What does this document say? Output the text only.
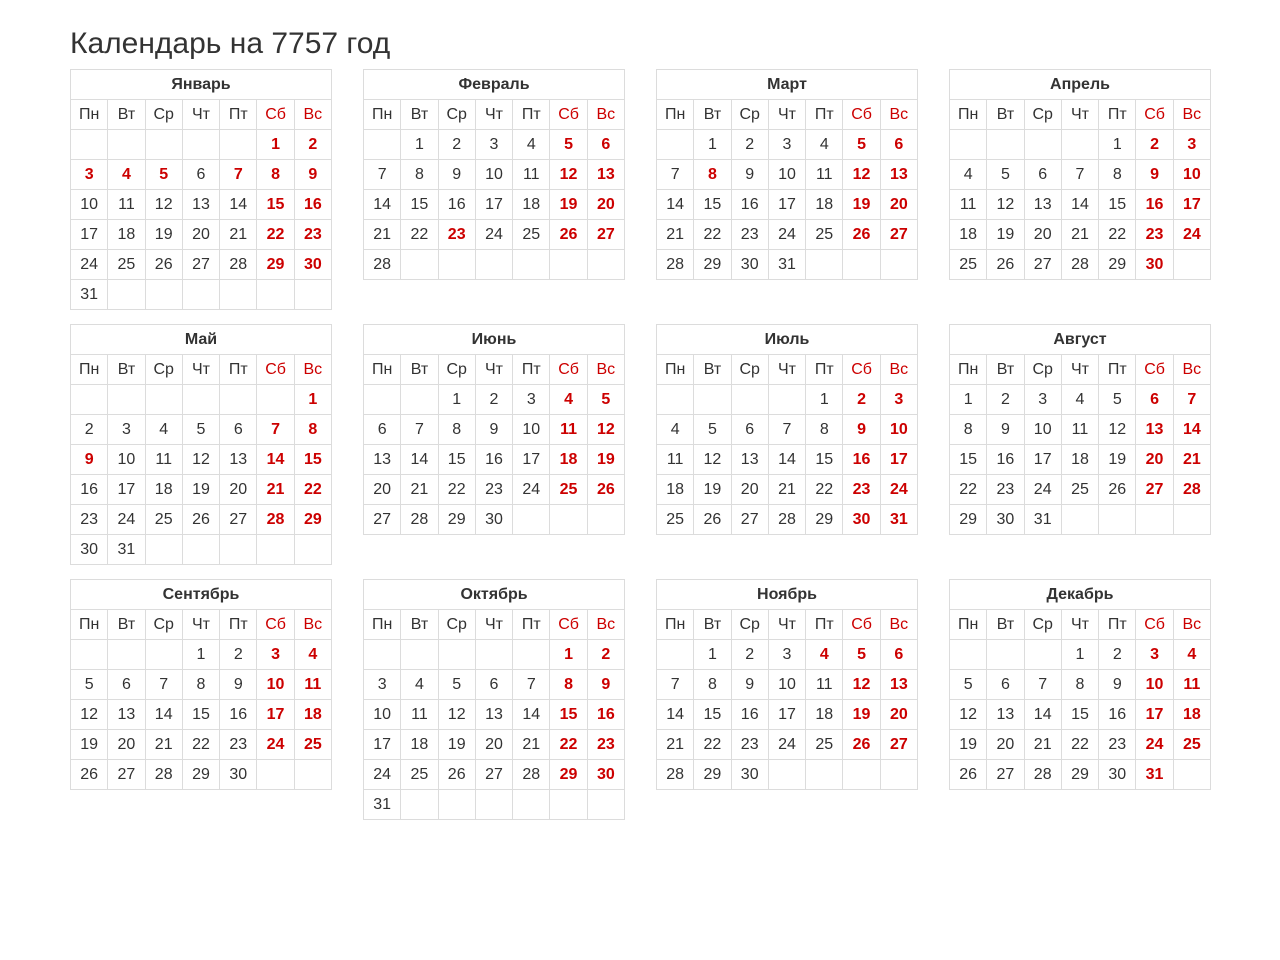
Календарь на 7757 год
Январь						
Пн	Вт	Ср	Чт	Пт	Сб	Вс
					1	2
3	4	5	6	7	8	9
10	11	12	13	14	15	16
17	18	19	20	21	22	23
24	25	26	27	28	29	30
31						
Февраль						
Пн	Вт	Ср	Чт	Пт	Сб	Вс
	1	2	3	4	5	6
7	8	9	10	11	12	13
14	15	16	17	18	19	20
21	22	23	24	25	26	27
28						
Март						
Пн	Вт	Ср	Чт	Пт	Сб	Вс
	1	2	3	4	5	6
7	8	9	10	11	12	13
14	15	16	17	18	19	20
21	22	23	24	25	26	27
28	29	30	31			
Апрель						
Пн	Вт	Ср	Чт	Пт	Сб	Вс
				1	2	3
4	5	6	7	8	9	10
11	12	13	14	15	16	17
18	19	20	21	22	23	24
25	26	27	28	29	30	
Май						
Пн	Вт	Ср	Чт	Пт	Сб	Вс
						1
2	3	4	5	6	7	8
9	10	11	12	13	14	15
16	17	18	19	20	21	22
23	24	25	26	27	28	29
30	31					
Июнь						
Пн	Вт	Ср	Чт	Пт	Сб	Вс
		1	2	3	4	5
6	7	8	9	10	11	12
13	14	15	16	17	18	19
20	21	22	23	24	25	26
27	28	29	30			
Июль						
Пн	Вт	Ср	Чт	Пт	Сб	Вс
				1	2	3
4	5	6	7	8	9	10
11	12	13	14	15	16	17
18	19	20	21	22	23	24
25	26	27	28	29	30	31
Август						
Пн	Вт	Ср	Чт	Пт	Сб	Вс
1	2	3	4	5	6	7
8	9	10	11	12	13	14
15	16	17	18	19	20	21
22	23	24	25	26	27	28
29	30	31				
Сентябрь						
Пн	Вт	Ср	Чт	Пт	Сб	Вс
			1	2	3	4
5	6	7	8	9	10	11
12	13	14	15	16	17	18
19	20	21	22	23	24	25
26	27	28	29	30		
Октябрь						
Пн	Вт	Ср	Чт	Пт	Сб	Вс
					1	2
3	4	5	6	7	8	9
10	11	12	13	14	15	16
17	18	19	20	21	22	23
24	25	26	27	28	29	30
31						
Ноябрь						
Пн	Вт	Ср	Чт	Пт	Сб	Вс
	1	2	3	4	5	6
7	8	9	10	11	12	13
14	15	16	17	18	19	20
21	22	23	24	25	26	27
28	29	30				
Декабрь						
Пн	Вт	Ср	Чт	Пт	Сб	Вс
			1	2	3	4
5	6	7	8	9	10	11
12	13	14	15	16	17	18
19	20	21	22	23	24	25
26	27	28	29	30	31	
